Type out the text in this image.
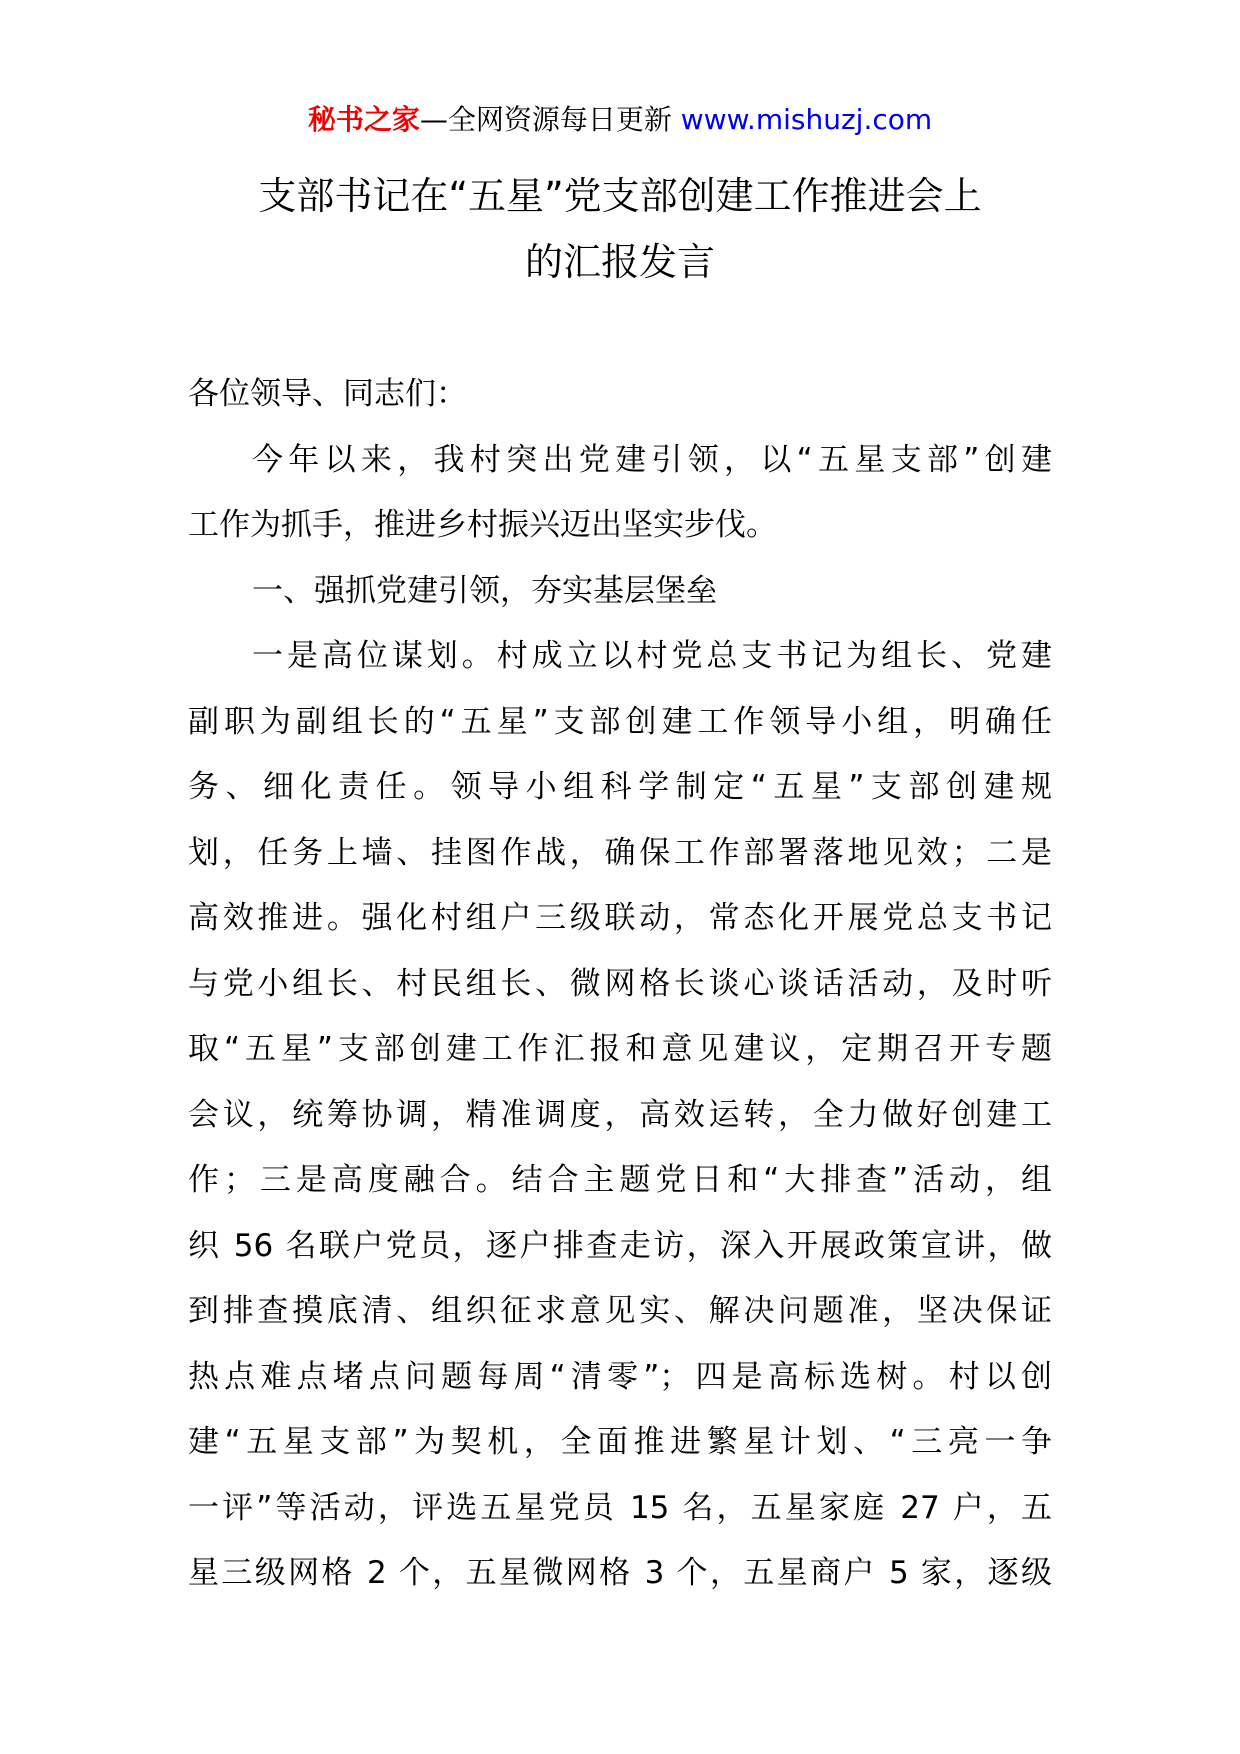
秘书之家—全网资源每日更新 www.mishuzj.com
支部书记在“五星”党支部创建工作推进会上
的汇报发言
各位领导、同志们：
今年以来，我村突出党建引领，以“五星支部”创建
工作为抓手，推进乡村振兴迈出坚实步伐。
一、强抓党建引领，夯实基层堡垒
一是高位谋划。村成立以村党总支书记为组长、党建
副职为副组长的“五星”支部创建工作领导小组，明确任
务、细化责任。领导小组科学制定“五星”支部创建规
划，任务上墙、挂图作战，确保工作部署落地见效；二是
高效推进。强化村组户三级联动，常态化开展党总支书记
与党小组长、村民组长、微网格长谈心谈话活动，及时听
取“五星”支部创建工作汇报和意见建议，定期召开专题
会议，统筹协调，精准调度，高效运转，全力做好创建工
作；三是高度融合。结合主题党日和“大排查”活动，组
织 56 名联户党员，逐户排查走访，深入开展政策宣讲，做
到排查摸底清、组织征求意见实、解决问题准，坚决保证
热点难点堵点问题每周“清零”；四是高标选树。村以创
建“五星支部”为契机，全面推进繁星计划、“三亮一争
一评”等活动，评选五星党员 15 名，五星家庭 27 户，五
星三级网格 2 个，五星微网格 3 个，五星商户 5 家，逐级
